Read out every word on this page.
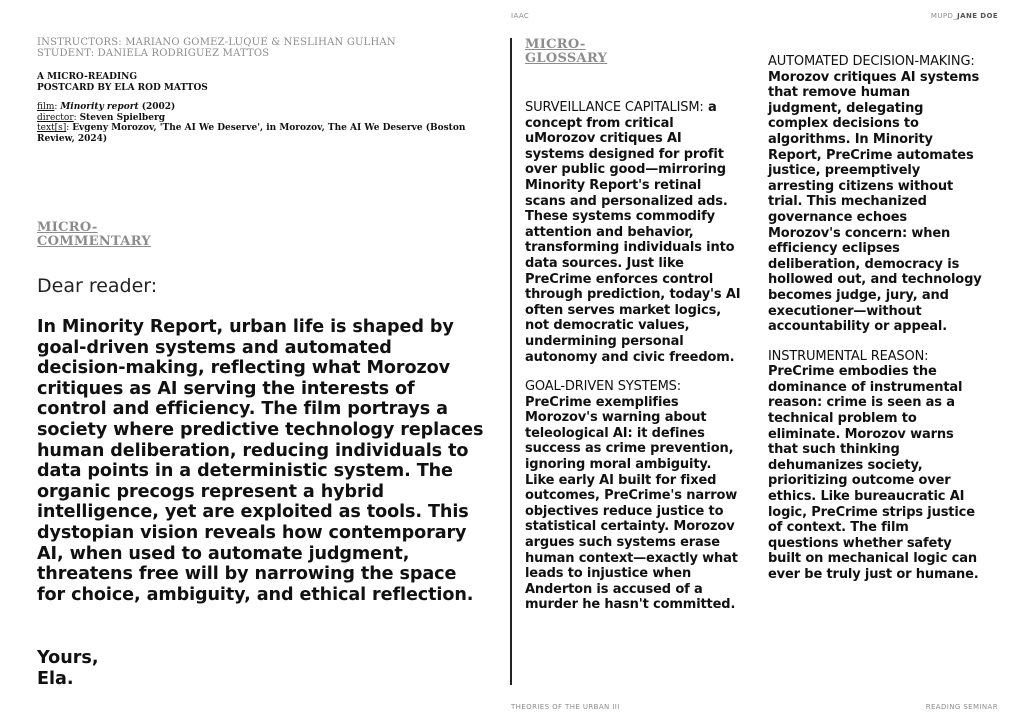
IAAC	MUPD_JANE DOE
INSTRUCTORS: MARIANO GOMEZ-LUQUE & NESLIHAN GULHAN
STUDENT: DANIELA RODRIGUEZ MATTOS
A MICRO-READING
POSTCARD BY ELA ROD MATTOS
film: Minority report (2002)
director: Steven Spielberg
text[s]: Evgeny Morozov, 'The AI We Deserve', in Morozov, The AI We Deserve (Boston Review, 2024)
MICRO-
COMMENTARY
Dear reader:
In Minority Report, urban life is shaped by goal-driven systems and automated decision-making, reflecting what Morozov critiques as AI serving the interests of control and efficiency. The film portrays a society where predictive technology replaces human deliberation, reducing individuals to data points in a deterministic system. The organic precogs represent a hybrid intelligence, yet are exploited as tools. This dystopian vision reveals how contemporary AI, when used to automate judgment, threatens free will by narrowing the space for choice, ambiguity, and ethical reflection.
Yours,
Ela.
MICRO-
GLOSSARY

SURVEILLANCE CAPITALISM: a concept from critical uMorozov critiques AI systems designed for profit over public good—mirroring Minority Report's retinal scans and personalized ads. These systems commodify attention and behavior, transforming individuals into data sources. Just like PreCrime enforces control through prediction, today's AI often serves market logics, not democratic values, undermining personal autonomy and civic freedom.

GOAL-DRIVEN SYSTEMS: PreCrime exemplifies Morozov's warning about teleological AI: it defines success as crime prevention, ignoring moral ambiguity. Like early AI built for fixed outcomes, PreCrime's narrow objectives reduce justice to statistical certainty. Morozov argues such systems erase human context—exactly what leads to injustice when Anderton is accused of a murder he hasn't committed.

AUTOMATED DECISION-MAKING: Morozov critiques AI systems that remove human judgment, delegating complex decisions to algorithms. In Minority Report, PreCrime automates justice, preemptively arresting citizens without trial. This mechanized governance echoes Morozov's concern: when efficiency eclipses deliberation, democracy is hollowed out, and technology becomes judge, jury, and executioner—without accountability or appeal.

INSTRUMENTAL REASON: PreCrime embodies the dominance of instrumental reason: crime is seen as a technical problem to eliminate. Morozov warns that such thinking dehumanizes society, prioritizing outcome over ethics. Like bureaucratic AI logic, PreCrime strips justice of context. The film questions whether safety built on mechanical logic can ever be truly just or humane.

THEORIES OF THE URBAN III	READING SEMINAR
